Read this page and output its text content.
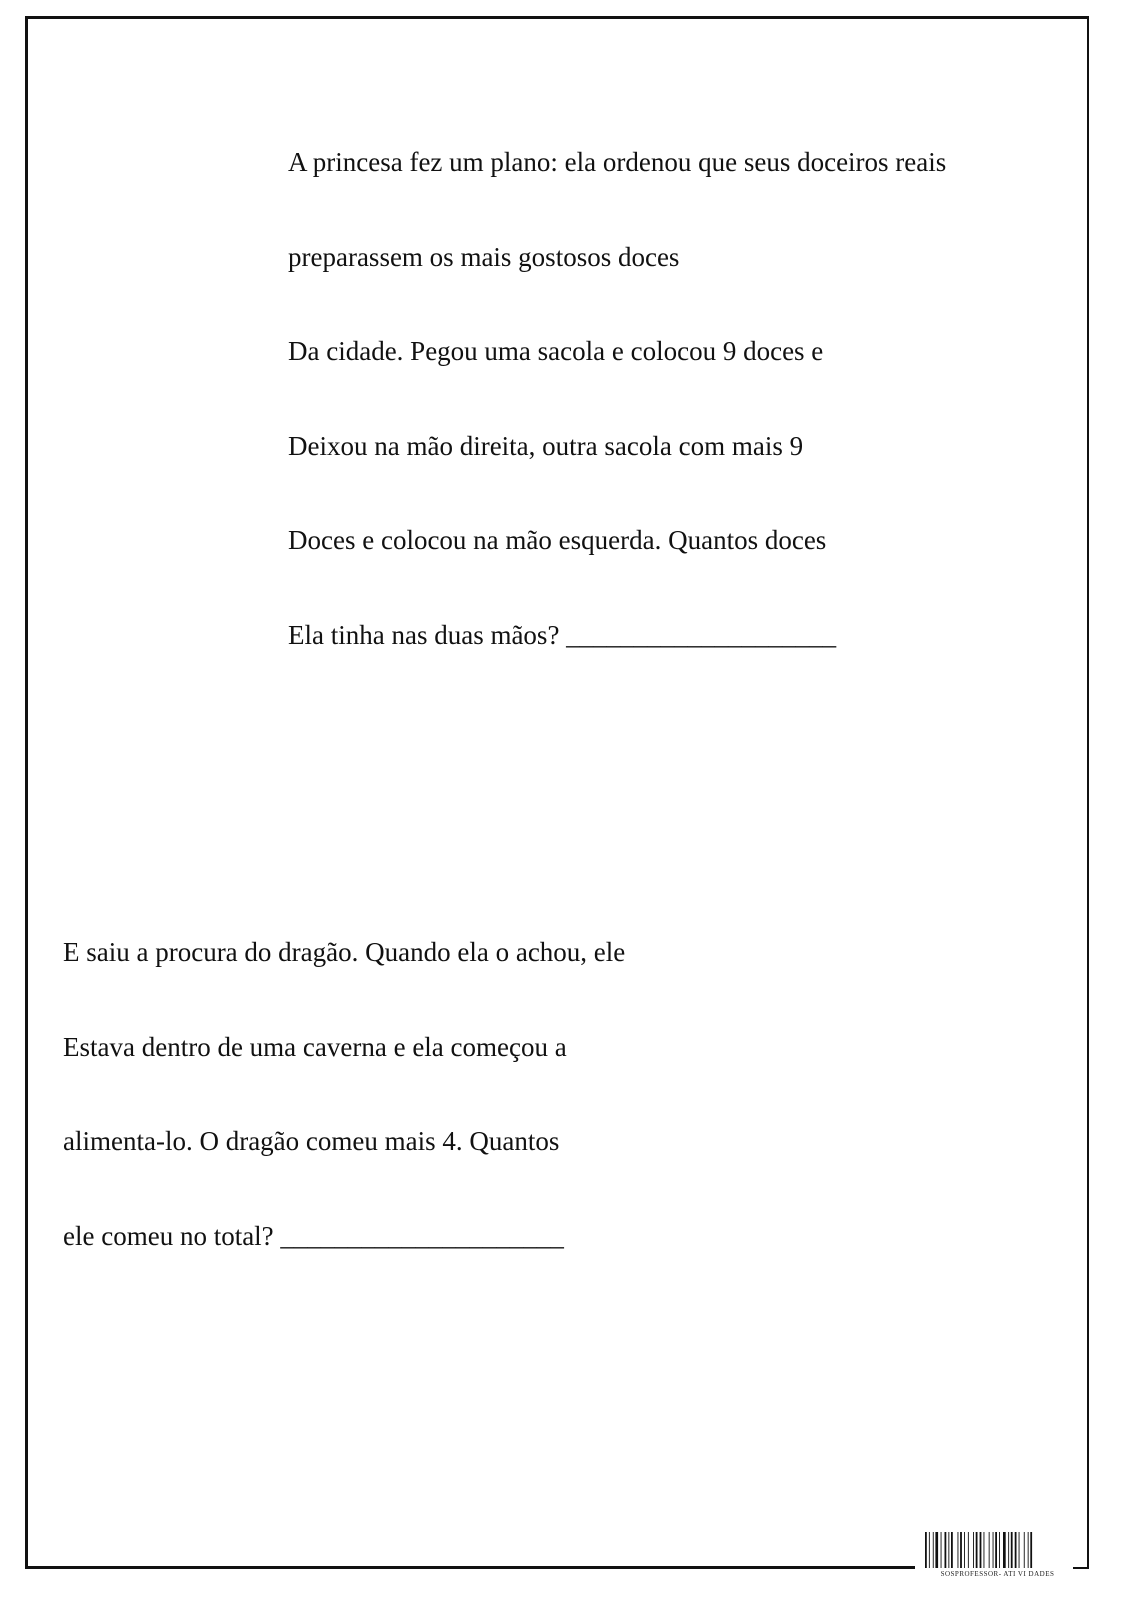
A princesa fez um plano: ela ordenou que seus doceiros reais

preparassem os mais gostosos doces

Da cidade. Pegou uma sacola e colocou 9 doces e

Deixou na mão direita, outra sacola com mais 9

Doces e colocou na mão esquerda. Quantos doces

Ela tinha nas duas mãos? ____________________

E saiu a procura do dragão. Quando ela o achou, ele

Estava dentro de uma caverna e ela começou a

alimenta-lo. O dragão comeu mais 4. Quantos

ele comeu no total? _____________________

SOSPROFESSOR- ATI VI DADES
